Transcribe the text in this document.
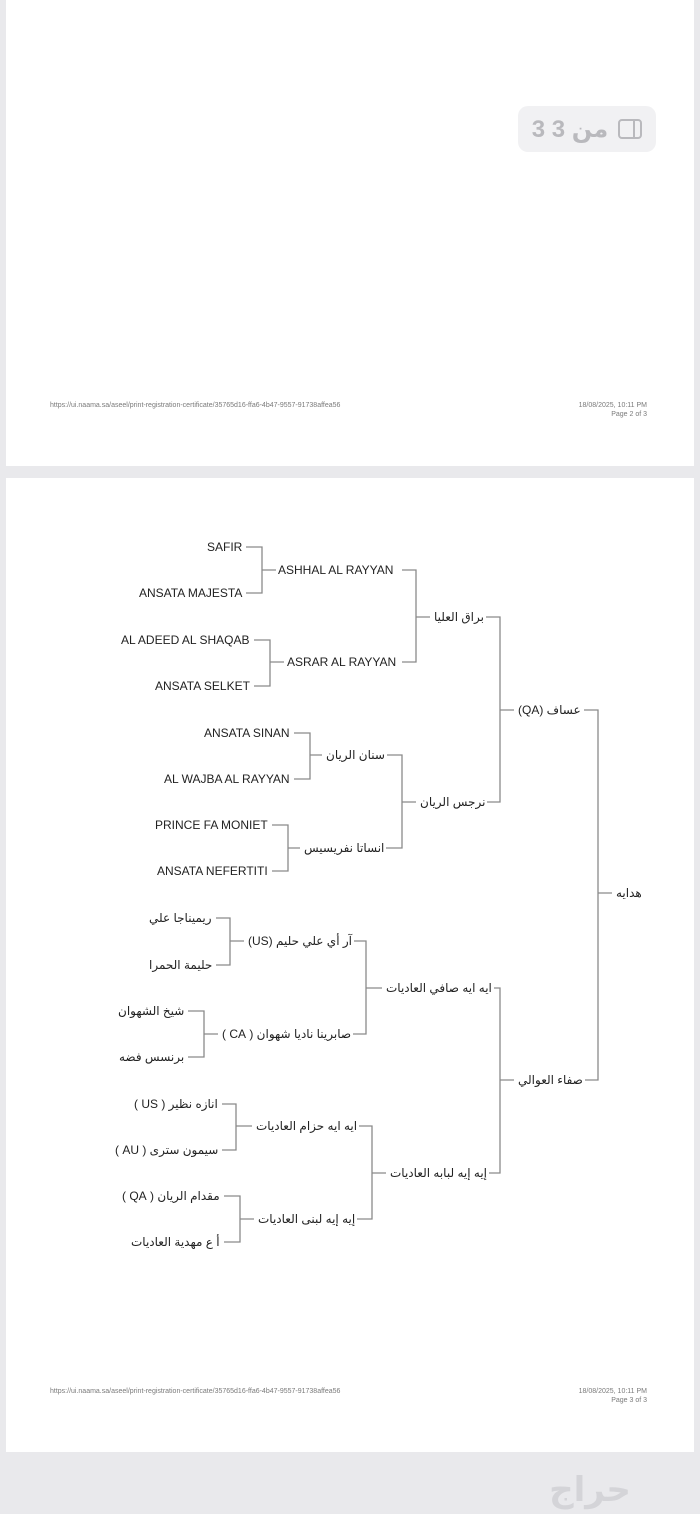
3 من 3
https://ui.naama.sa/aseel/print-registration-certificate/35765d16-ffa6-4b47-9557-91738affea56	18/08/2025, 10:11 PM
Page 2 of 3
https://ui.naama.sa/aseel/print-registration-certificate/35765d16-ffa6-4b47-9557-91738affea56	18/08/2025, 10:11 PM
Page 3 of 3
هدايه
عساف (QA)
صفاء العوالي
براق العليا
نرجس الريان
ايه ايه صافي العاديات
إيه إيه لبابه العاديات
ASHHAL AL RAYYAN
ASRAR AL RAYYAN
سنان الريان
انساتا نفريسيس
آر أي علي حليم (US)
صابرينا ناديا شهوان ( CA )
ايه ايه حزام العاديات
إيه إيه لبنى العاديات
SAFIR
ANSATA MAJESTA
AL ADEED AL SHAQAB
ANSATA SELKET
ANSATA SINAN
AL WAJBA AL RAYYAN
PRINCE FA MONIET
ANSATA NEFERTITI
ريميناجا علي
حليمة الحمرا
شيخ الشهوان
برنسس فضه
انازه نظير ( US )
سيمون سترى ( AU )
مقدام الريان ( QA )
أ ع مهدية العاديات
حراج
